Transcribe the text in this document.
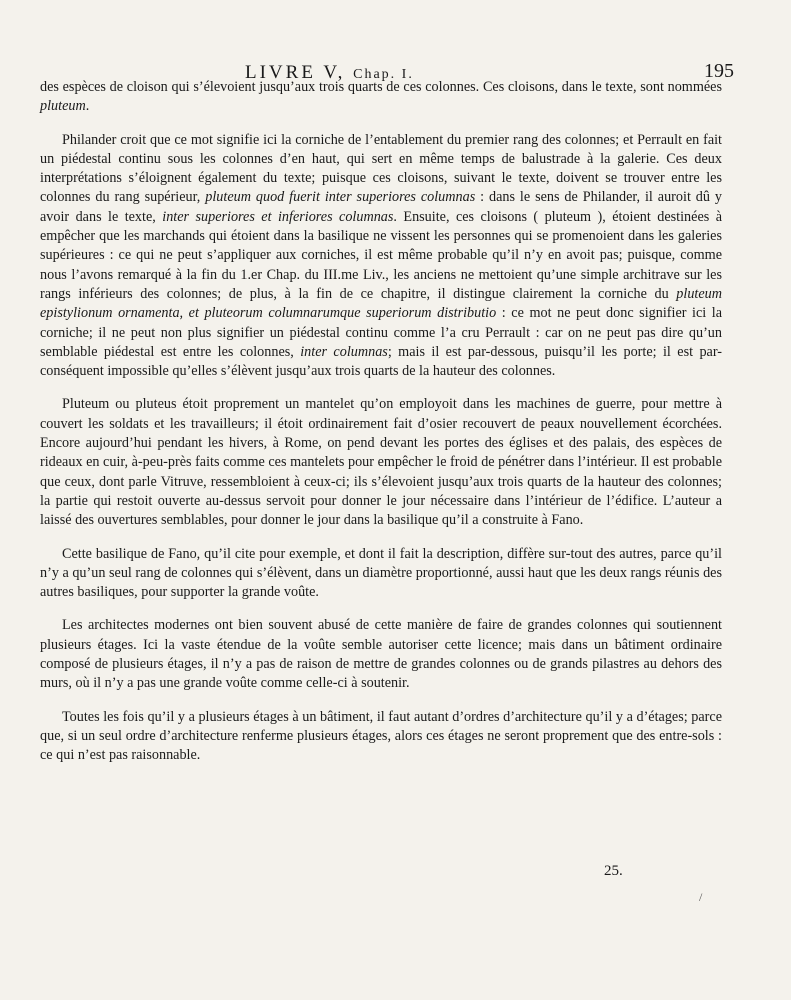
LIVRE V, Chap. I.	195

des espèces de cloison qui s’élevoient jusqu’aux trois quarts de ces colonnes. Ces cloisons, dans le texte, sont nommées pluteum.

Philander croit que ce mot signifie ici la corniche de l’entablement du premier rang des colonnes; et Perrault en fait un piédestal continu sous les colonnes d’en haut, qui sert en même temps de balustrade à la galerie. Ces deux interprétations s’éloignent également du texte; puisque ces cloisons, suivant le texte, doivent se trouver entre les colonnes du rang supérieur, pluteum quod fuerit inter superiores columnas : dans le sens de Philander, il auroit dû y avoir dans le texte, inter superiores et inferiores columnas. Ensuite, ces cloisons ( pluteum ), étoient destinées à empêcher que les marchands qui étoient dans la basilique ne vissent les personnes qui se promenoient dans les galeries supérieures : ce qui ne peut s’appliquer aux corniches, il est même probable qu’il n’y en avoit pas; puisque, comme nous l’avons remarqué à la fin du 1.er Chap. du III.me Liv., les anciens ne mettoient qu’une simple architrave sur les rangs inférieurs des colonnes; de plus, à la fin de ce chapitre, il distingue clairement la corniche du pluteum epistylionum ornamenta, et pluteorum columnarumque superiorum distributio : ce mot ne peut donc signifier ici la corniche; il ne peut non plus signifier un piédestal continu comme l’a cru Perrault : car on ne peut pas dire qu’un semblable piédestal est entre les colonnes, inter columnas; mais il est par-dessous, puisqu’il les porte; il est par-conséquent impossible qu’elles s’élèvent jusqu’aux trois quarts de la hauteur des colonnes.

Pluteum ou pluteus étoit proprement un mantelet qu’on employoit dans les machines de guerre, pour mettre à couvert les soldats et les travailleurs; il étoit ordinairement fait d’osier recouvert de peaux nouvellement écorchées. Encore aujourd’hui pendant les hivers, à Rome, on pend devant les portes des églises et des palais, des espèces de rideaux en cuir, à-peu-près faits comme ces mantelets pour empêcher le froid de pénétrer dans l’intérieur. Il est probable que ceux, dont parle Vitruve, ressembloient à ceux-ci; ils s’élevoient jusqu’aux trois quarts de la hauteur des colonnes; la partie qui restoit ouverte au-dessus servoit pour donner le jour nécessaire dans l’intérieur de l’édifice. L’auteur a laissé des ouvertures semblables, pour donner le jour dans la basilique qu’il a construite à Fano.

Cette basilique de Fano, qu’il cite pour exemple, et dont il fait la description, diffère sur-tout des autres, parce qu’il n’y a qu’un seul rang de colonnes qui s’élèvent, dans un diamètre proportionné, aussi haut que les deux rangs réunis des autres basiliques, pour supporter la grande voûte.

Les architectes modernes ont bien souvent abusé de cette manière de faire de grandes colonnes qui soutiennent plusieurs étages. Ici la vaste étendue de la voûte semble autoriser cette licence; mais dans un bâtiment ordinaire composé de plusieurs étages, il n’y a pas de raison de mettre de grandes colonnes ou de grands pilastres au dehors des murs, où il n’y a pas une grande voûte comme celle-ci à soutenir.

Toutes les fois qu’il y a plusieurs étages à un bâtiment, il faut autant d’ordres d’architecture qu’il y a d’étages; parce que, si un seul ordre d’architecture renferme plusieurs étages, alors ces étages ne seront proprement que des entre-sols : ce qui n’est pas raisonnable.

25.
/
